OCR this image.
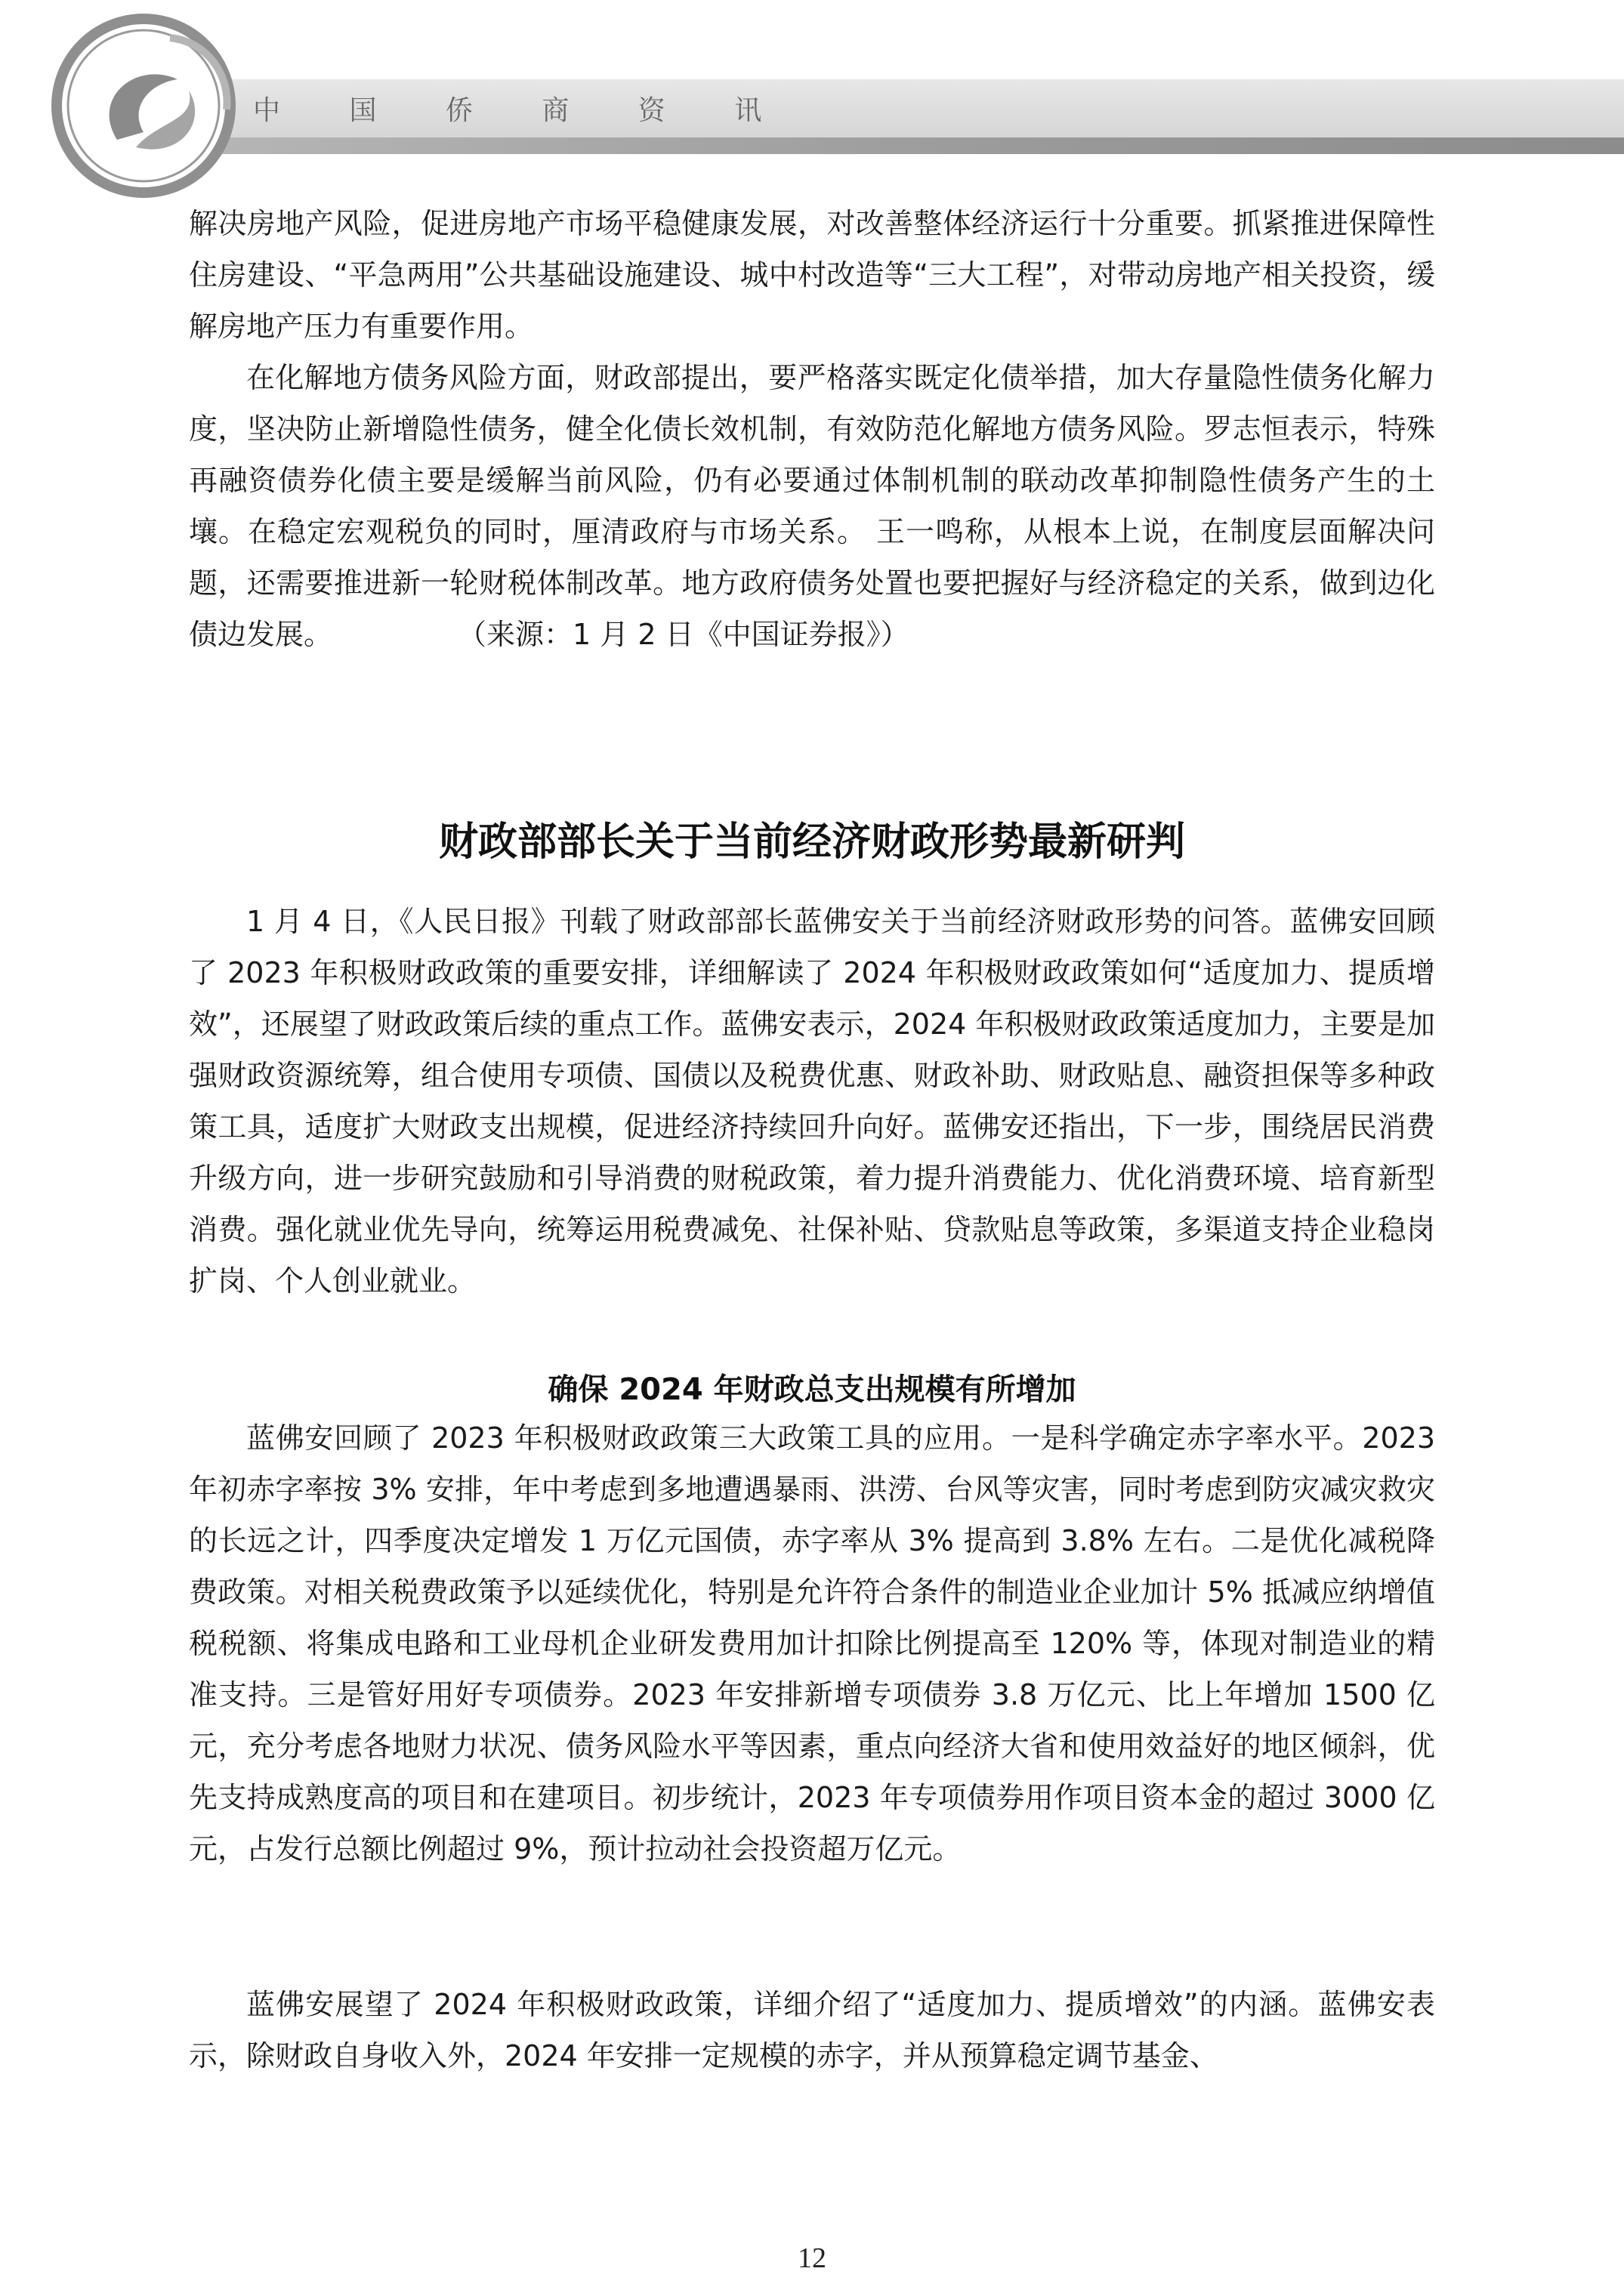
中 国 侨 商 资 讯

解决房地产风险，促进房地产市场平稳健康发展，对改善整体经济运行十分重要。抓紧推进保障性住房建设、“平急两用”公共基础设施建设、城中村改造等“三大工程”，对带动房地产相关投资，缓解房地产压力有重要作用。

在化解地方债务风险方面，财政部提出，要严格落实既定化债举措，加大存量隐性债务化解力度，坚决防止新增隐性债务，健全化债长效机制，有效防范化解地方债务风险。罗志恒表示，特殊再融资债券化债主要是缓解当前风险，仍有必要通过体制机制的联动改革抑制隐性债务产生的土壤。在稳定宏观税负的同时，厘清政府与市场关系。 王一鸣称，从根本上说，在制度层面解决问题，还需要推进新一轮财税体制改革。地方政府债务处置也要把握好与经济稳定的关系，做到边化债边发展。	（来源：1 月 2 日《中国证券报》）

财政部部长关于当前经济财政形势最新研判

1 月 4 日，《人民日报》刊载了财政部部长蓝佛安关于当前经济财政形势的问答。蓝佛安回顾了 2023 年积极财政政策的重要安排，详细解读了 2024 年积极财政政策如何“适度加力、提质增效”，还展望了财政政策后续的重点工作。蓝佛安表示，2024 年积极财政政策适度加力，主要是加强财政资源统筹，组合使用专项债、国债以及税费优惠、财政补助、财政贴息、融资担保等多种政策工具，适度扩大财政支出规模，促进经济持续回升向好。蓝佛安还指出，下一步，围绕居民消费升级方向，进一步研究鼓励和引导消费的财税政策，着力提升消费能力、优化消费环境、培育新型消费。强化就业优先导向，统筹运用税费减免、社保补贴、贷款贴息等政策，多渠道支持企业稳岗扩岗、个人创业就业。

确保 2024 年财政总支出规模有所增加

蓝佛安回顾了 2023 年积极财政政策三大政策工具的应用。一是科学确定赤字率水平。2023 年初赤字率按 3% 安排，年中考虑到多地遭遇暴雨、洪涝、台风等灾害，同时考虑到防灾减灾救灾的长远之计，四季度决定增发 1 万亿元国债，赤字率从 3% 提高到 3.8% 左右。二是优化减税降费政策。对相关税费政策予以延续优化，特别是允许符合条件的制造业企业加计 5% 抵减应纳增值税税额、将集成电路和工业母机企业研发费用加计扣除比例提高至 120% 等，体现对制造业的精准支持。三是管好用好专项债券。2023 年安排新增专项债券 3.8 万亿元、比上年增加 1500 亿元，充分考虑各地财力状况、债务风险水平等因素，重点向经济大省和使用效益好的地区倾斜，优先支持成熟度高的项目和在建项目。初步统计，2023 年专项债券用作项目资本金的超过 3000 亿元，占发行总额比例超过 9%，预计拉动社会投资超万亿元。

蓝佛安展望了 2024 年积极财政政策，详细介绍了“适度加力、提质增效”的内涵。蓝佛安表示，除财政自身收入外，2024 年安排一定规模的赤字，并从预算稳定调节基金、

12
